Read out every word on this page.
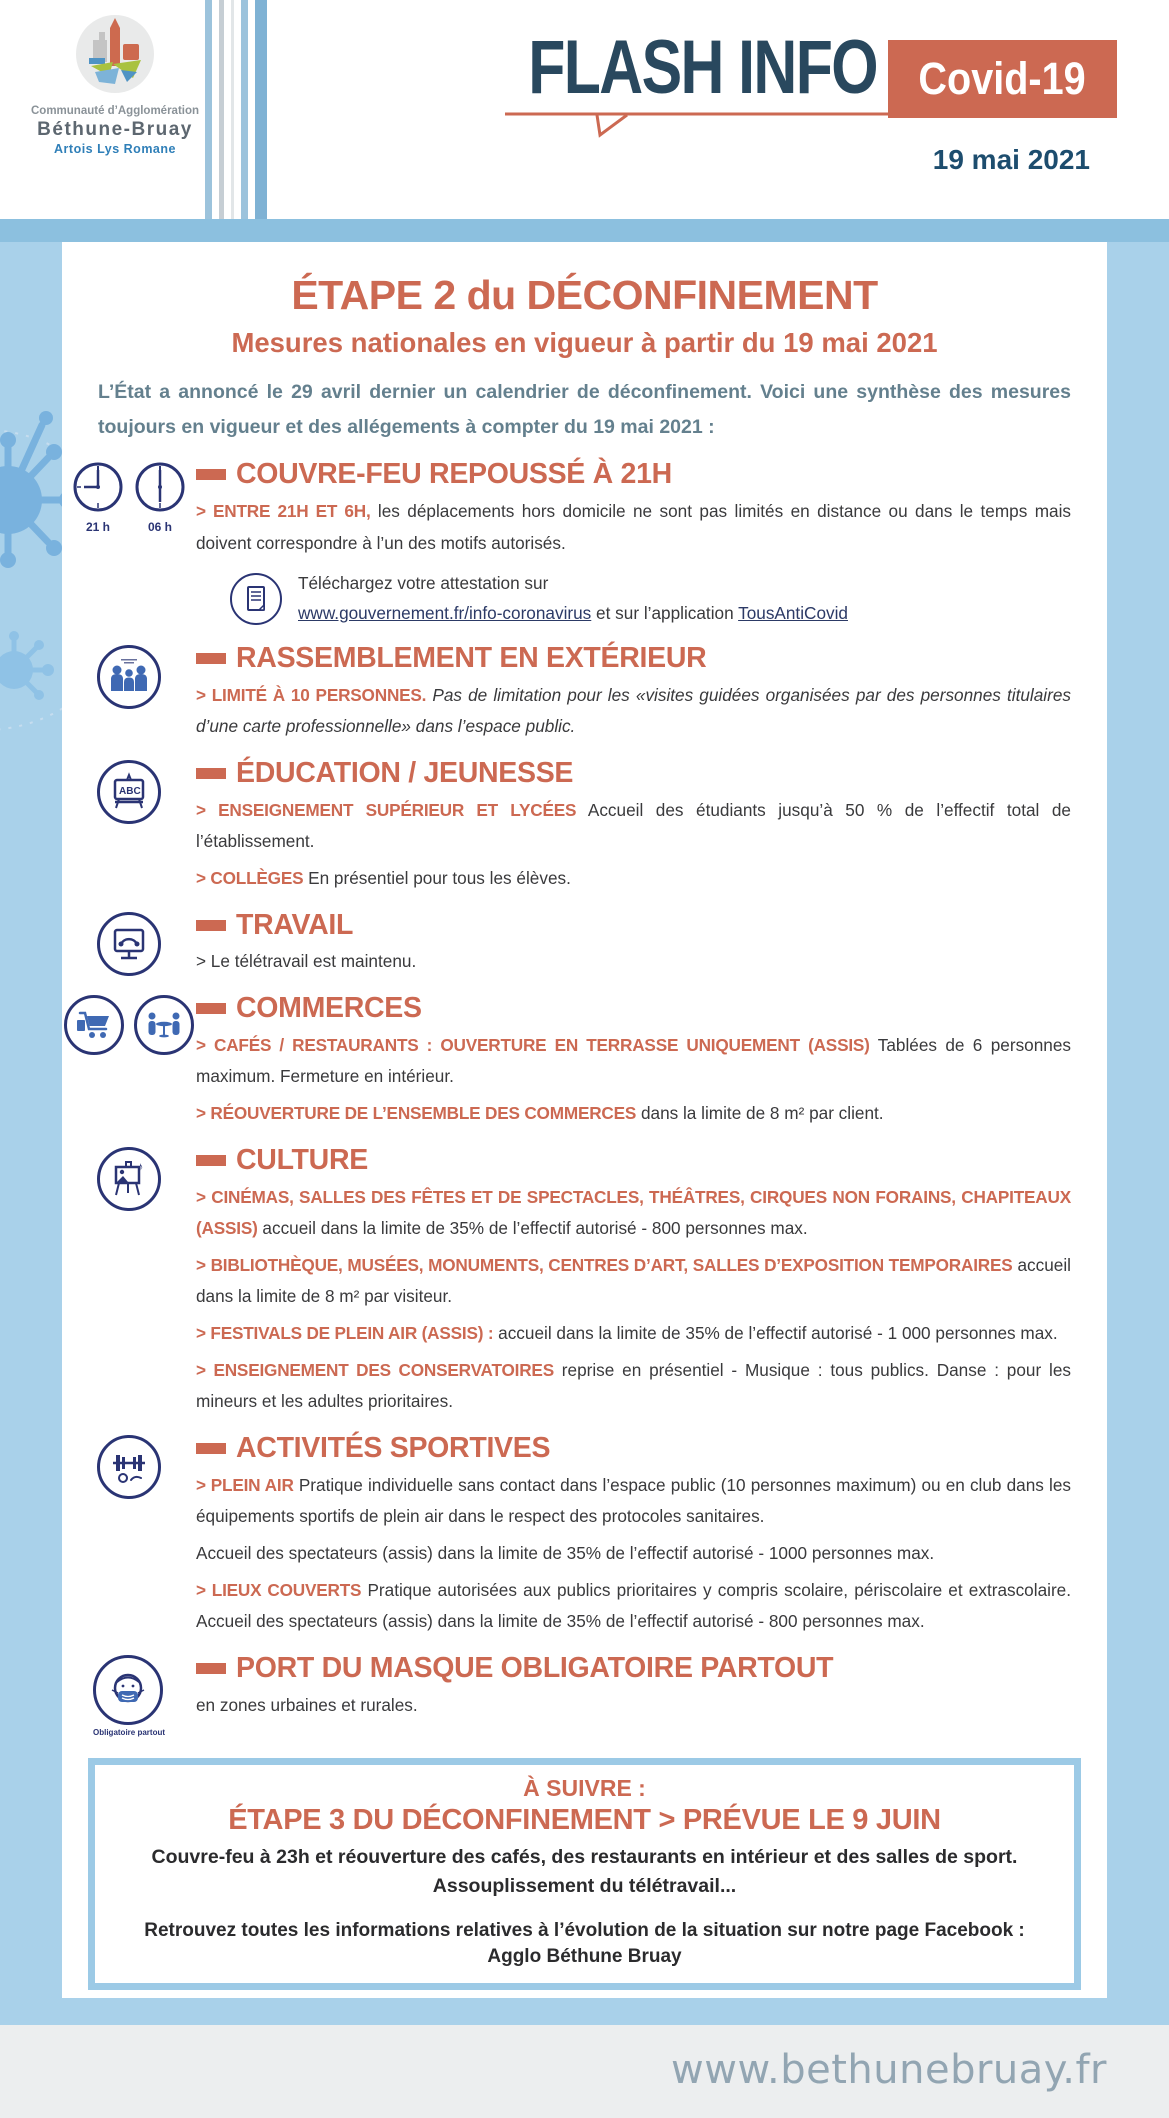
Communauté d’Agglomération
Béthune-Bruay
Artois Lys Romane
FLASH INFO Covid-19
19 mai 2021
ÉTAPE 2 du DÉCONFINEMENT
Mesures nationales en vigueur à partir du 19 mai 2021

L’État a annoncé le 29 avril dernier un calendrier de déconfinement. Voici une synthèse des mesures toujours en vigueur et des allégements à compter du 19 mai 2021 :

21 h	06 h
COUVRE-FEU REPOUSSÉ À 21H

> ENTRE 21H ET 6H, les déplacements hors domicile ne sont pas limités en distance ou dans le temps mais doivent correspondre à l’un des motifs autorisés.

Téléchargez votre attestation sur
www.gouvernement.fr/info-coronavirus et sur l’application TousAntiCovid
RASSEMBLEMENT EN EXTÉRIEUR

> LIMITÉ À 10 PERSONNES. Pas de limitation pour les «visites guidées organisées par des personnes titulaires d’une carte professionnelle» dans l’espace public.

ABC
ÉDUCATION / JEUNESSE

> ENSEIGNEMENT SUPÉRIEUR ET LYCÉES Accueil des étudiants jusqu’à 50 % de l’effectif total de l’établissement.

> COLLÈGES En présentiel pour tous les élèves.

TRAVAIL

> Le télétravail est maintenu.

COMMERCES

> CAFÉS / RESTAURANTS : OUVERTURE EN TERRASSE UNIQUEMENT (ASSIS) Tablées de 6 personnes maximum. Fermeture en intérieur.

> RÉOUVERTURE DE L’ENSEMBLE DES COMMERCES dans la limite de 8 m² par client.

♪	CULTURE

> CINÉMAS, SALLES DES FÊTES ET DE SPECTACLES, THÉÂTRES, CIRQUES NON FORAINS, CHAPITEAUX (ASSIS) accueil dans la limite de 35% de l’effectif autorisé - 800 personnes max.

> BIBLIOTHÈQUE, MUSÉES, MONUMENTS, CENTRES D’ART, SALLES D’EXPOSITION TEMPORAIRES accueil dans la limite de 8 m² par visiteur.

> FESTIVALS DE PLEIN AIR (ASSIS) : accueil dans la limite de 35% de l’effectif autorisé - 1 000 personnes max.

> ENSEIGNEMENT DES CONSERVATOIRES reprise en présentiel - Musique : tous publics. Danse : pour les mineurs et les adultes prioritaires.

ACTIVITÉS SPORTIVES

> PLEIN AIR Pratique individuelle sans contact dans l’espace public (10 personnes maximum) ou en club dans les équipements sportifs de plein air dans le respect des protocoles sanitaires.

Accueil des spectateurs (assis) dans la limite de 35% de l’effectif autorisé - 1000 personnes max.

> LIEUX COUVERTS Pratique autorisées aux publics prioritaires y compris scolaire, périscolaire et extrascolaire. Accueil des spectateurs (assis) dans la limite de 35% de l’effectif autorisé - 800 personnes max.

Obligatoire partout
PORT DU MASQUE OBLIGATOIRE PARTOUT

en zones urbaines et rurales.

À SUIVRE :
ÉTAPE 3 DU DÉCONFINEMENT > PRÉVUE LE 9 JUIN
Couvre-feu à 23h et réouverture des cafés, des restaurants en intérieur et des salles de sport. Assouplissement du télétravail...
Retrouvez toutes les informations relatives à l’évolution de la situation sur notre page Facebook : Agglo Béthune Bruay
www.bethunebruay.fr
